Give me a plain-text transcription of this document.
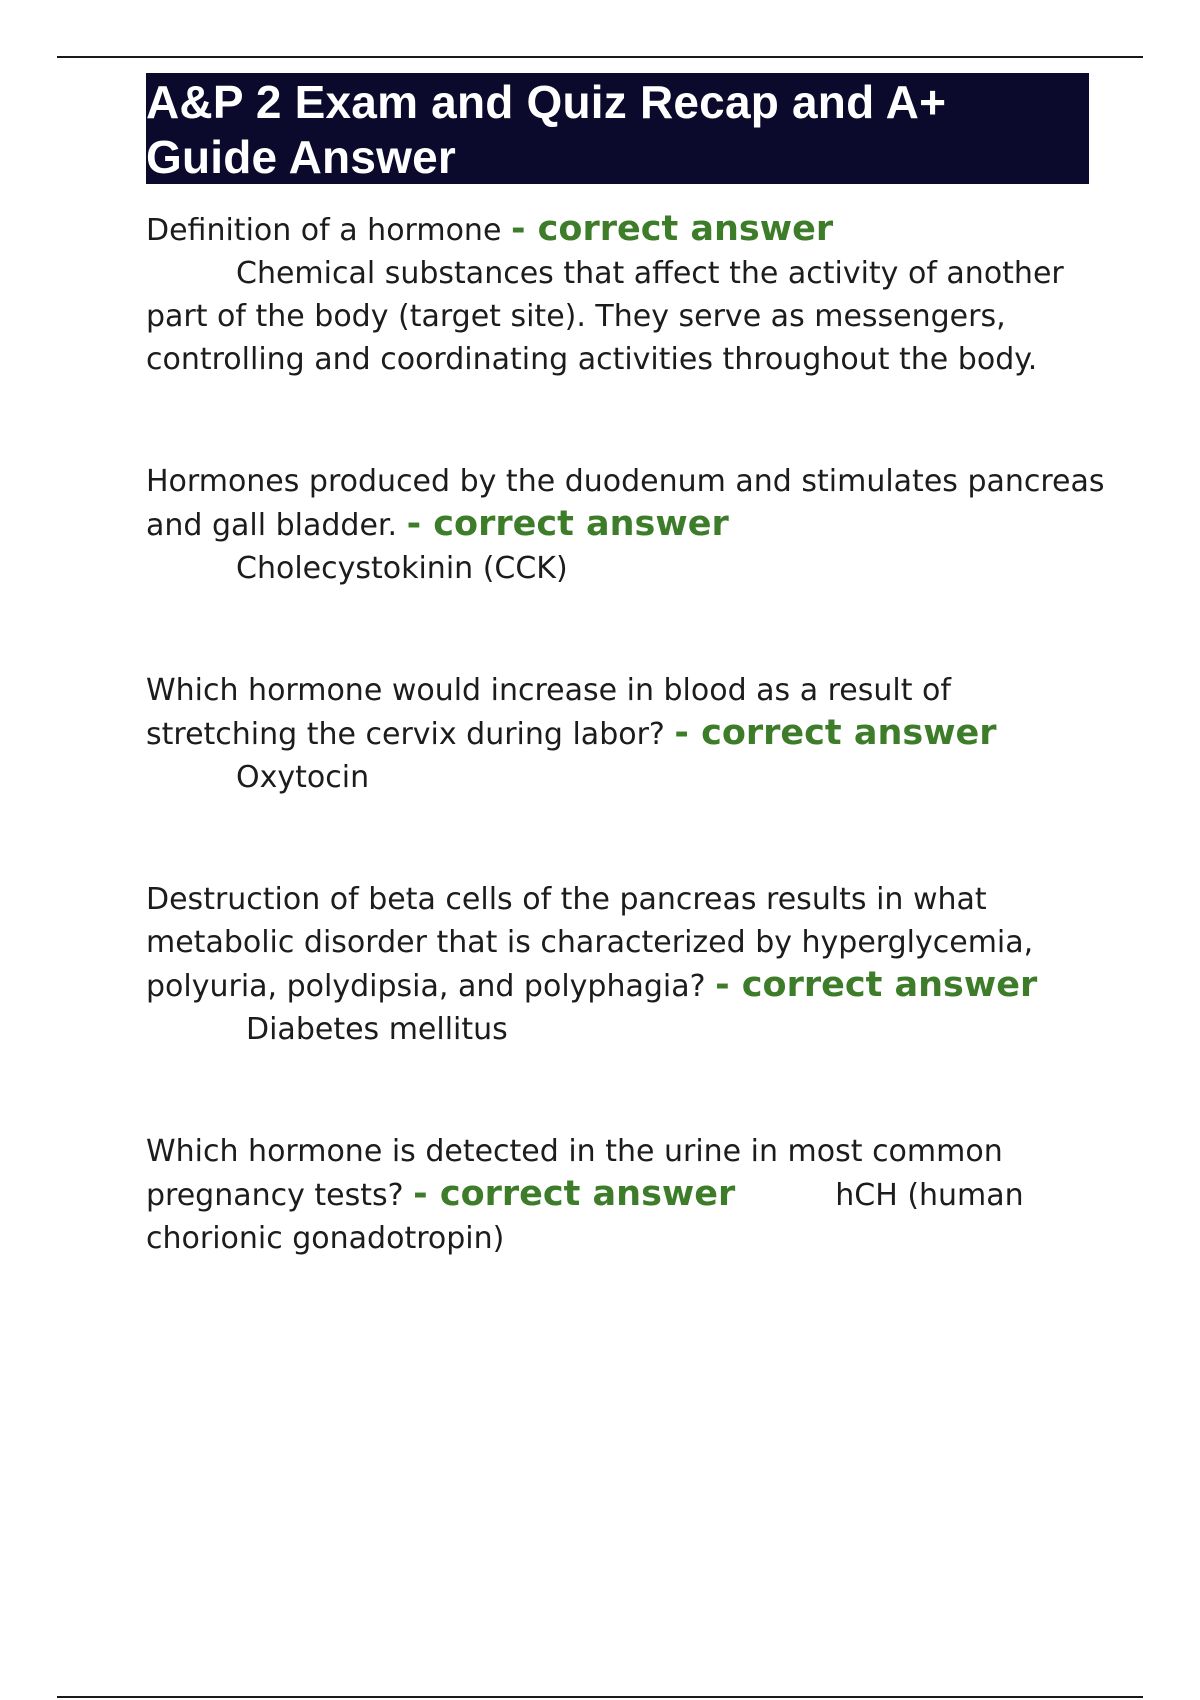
A&P 2 Exam and Quiz Recap and A+ Guide Answer

Definition of a hormone - correct answer
Chemical substances that affect the activity of another part of the body (target site). They serve as messengers, controlling and coordinating activities throughout the body.

Hormones produced by the duodenum and stimulates pancreas and gall bladder. - correct answer
Cholecystokinin (CCK)

Which hormone would increase in blood as a result of stretching the cervix during labor? - correct answer
Oxytocin

Destruction of beta cells of the pancreas results in what metabolic disorder that is characterized by hyperglycemia, polyuria, polydipsia, and polyphagia? - correct answerDiabetes mellitus

Which hormone is detected in the urine in most common pregnancy tests? - correct answer	hCH (human chorionic gonadotropin)
